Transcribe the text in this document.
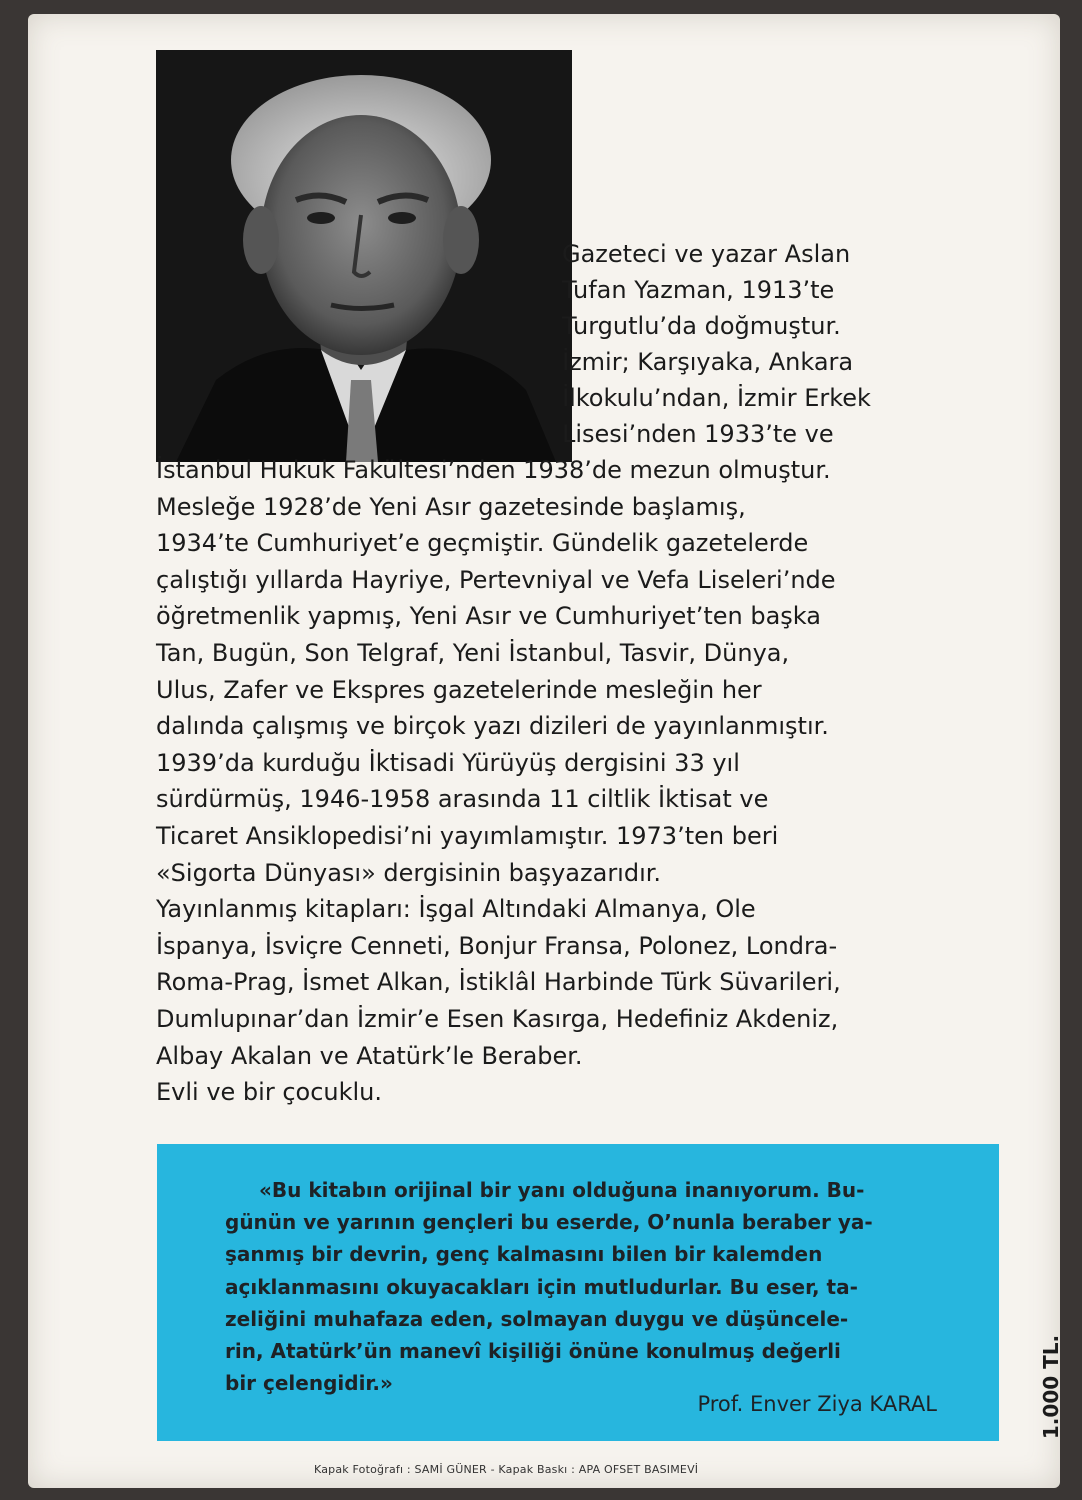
Gazeteci ve yazar Aslan
Tufan Yazman, 1913’te
Turgutlu’da doğmuştur.
İzmir; Karşıyaka, Ankara
İlkokulu’ndan, İzmir Erkek
Lisesi’nden 1933’te ve
İstanbul Hukuk Fakültesi’nden 1938’de mezun olmuştur.
Mesleğe 1928’de Yeni Asır gazetesinde başlamış,
1934’te Cumhuriyet’e geçmiştir. Gündelik gazetelerde
çalıştığı yıllarda Hayriye, Pertevniyal ve Vefa Liseleri’nde
öğretmenlik yapmış, Yeni Asır ve Cumhuriyet’ten başka
Tan, Bugün, Son Telgraf, Yeni İstanbul, Tasvir, Dünya,
Ulus, Zafer ve Ekspres gazetelerinde mesleğin her
dalında çalışmış ve birçok yazı dizileri de yayınlanmıştır.
1939’da kurduğu İktisadi Yürüyüş dergisini 33 yıl
sürdürmüş, 1946-1958 arasında 11 ciltlik İktisat ve
Ticaret Ansiklopedisi’ni yayımlamıştır. 1973’ten beri
«Sigorta Dünyası» dergisinin başyazarıdır.
Yayınlanmış kitapları: İşgal Altındaki Almanya, Ole
İspanya, İsviçre Cenneti, Bonjur Fransa, Polonez, Londra-
Roma-Prag, İsmet Alkan, İstiklâl Harbinde Türk Süvarileri,
Dumlupınar’dan İzmir’e Esen Kasırga, Hedefiniz Akdeniz,
Albay Akalan ve Atatürk’le Beraber.
Evli ve bir çocuklu.
«Bu kitabın orijinal bir yanı olduğuna inanıyorum. Bu-
günün ve yarının gençleri bu eserde, O’nunla beraber ya-
şanmış bir devrin, genç kalmasını bilen bir kalemden
açıklanmasını okuyacakları için mutludurlar. Bu eser, ta-
zeliğini muhafaza eden, solmayan duygu ve düşüncele-
rin, Atatürk’ün manevî kişiliği önüne konulmuş değerli
bir çelengidir.»
Prof. Enver Ziya KARAL	1.000 TL.
Kapak Fotoğrafı : SAMİ GÜNER - Kapak Baskı : APA OFSET BASIMEVİ
